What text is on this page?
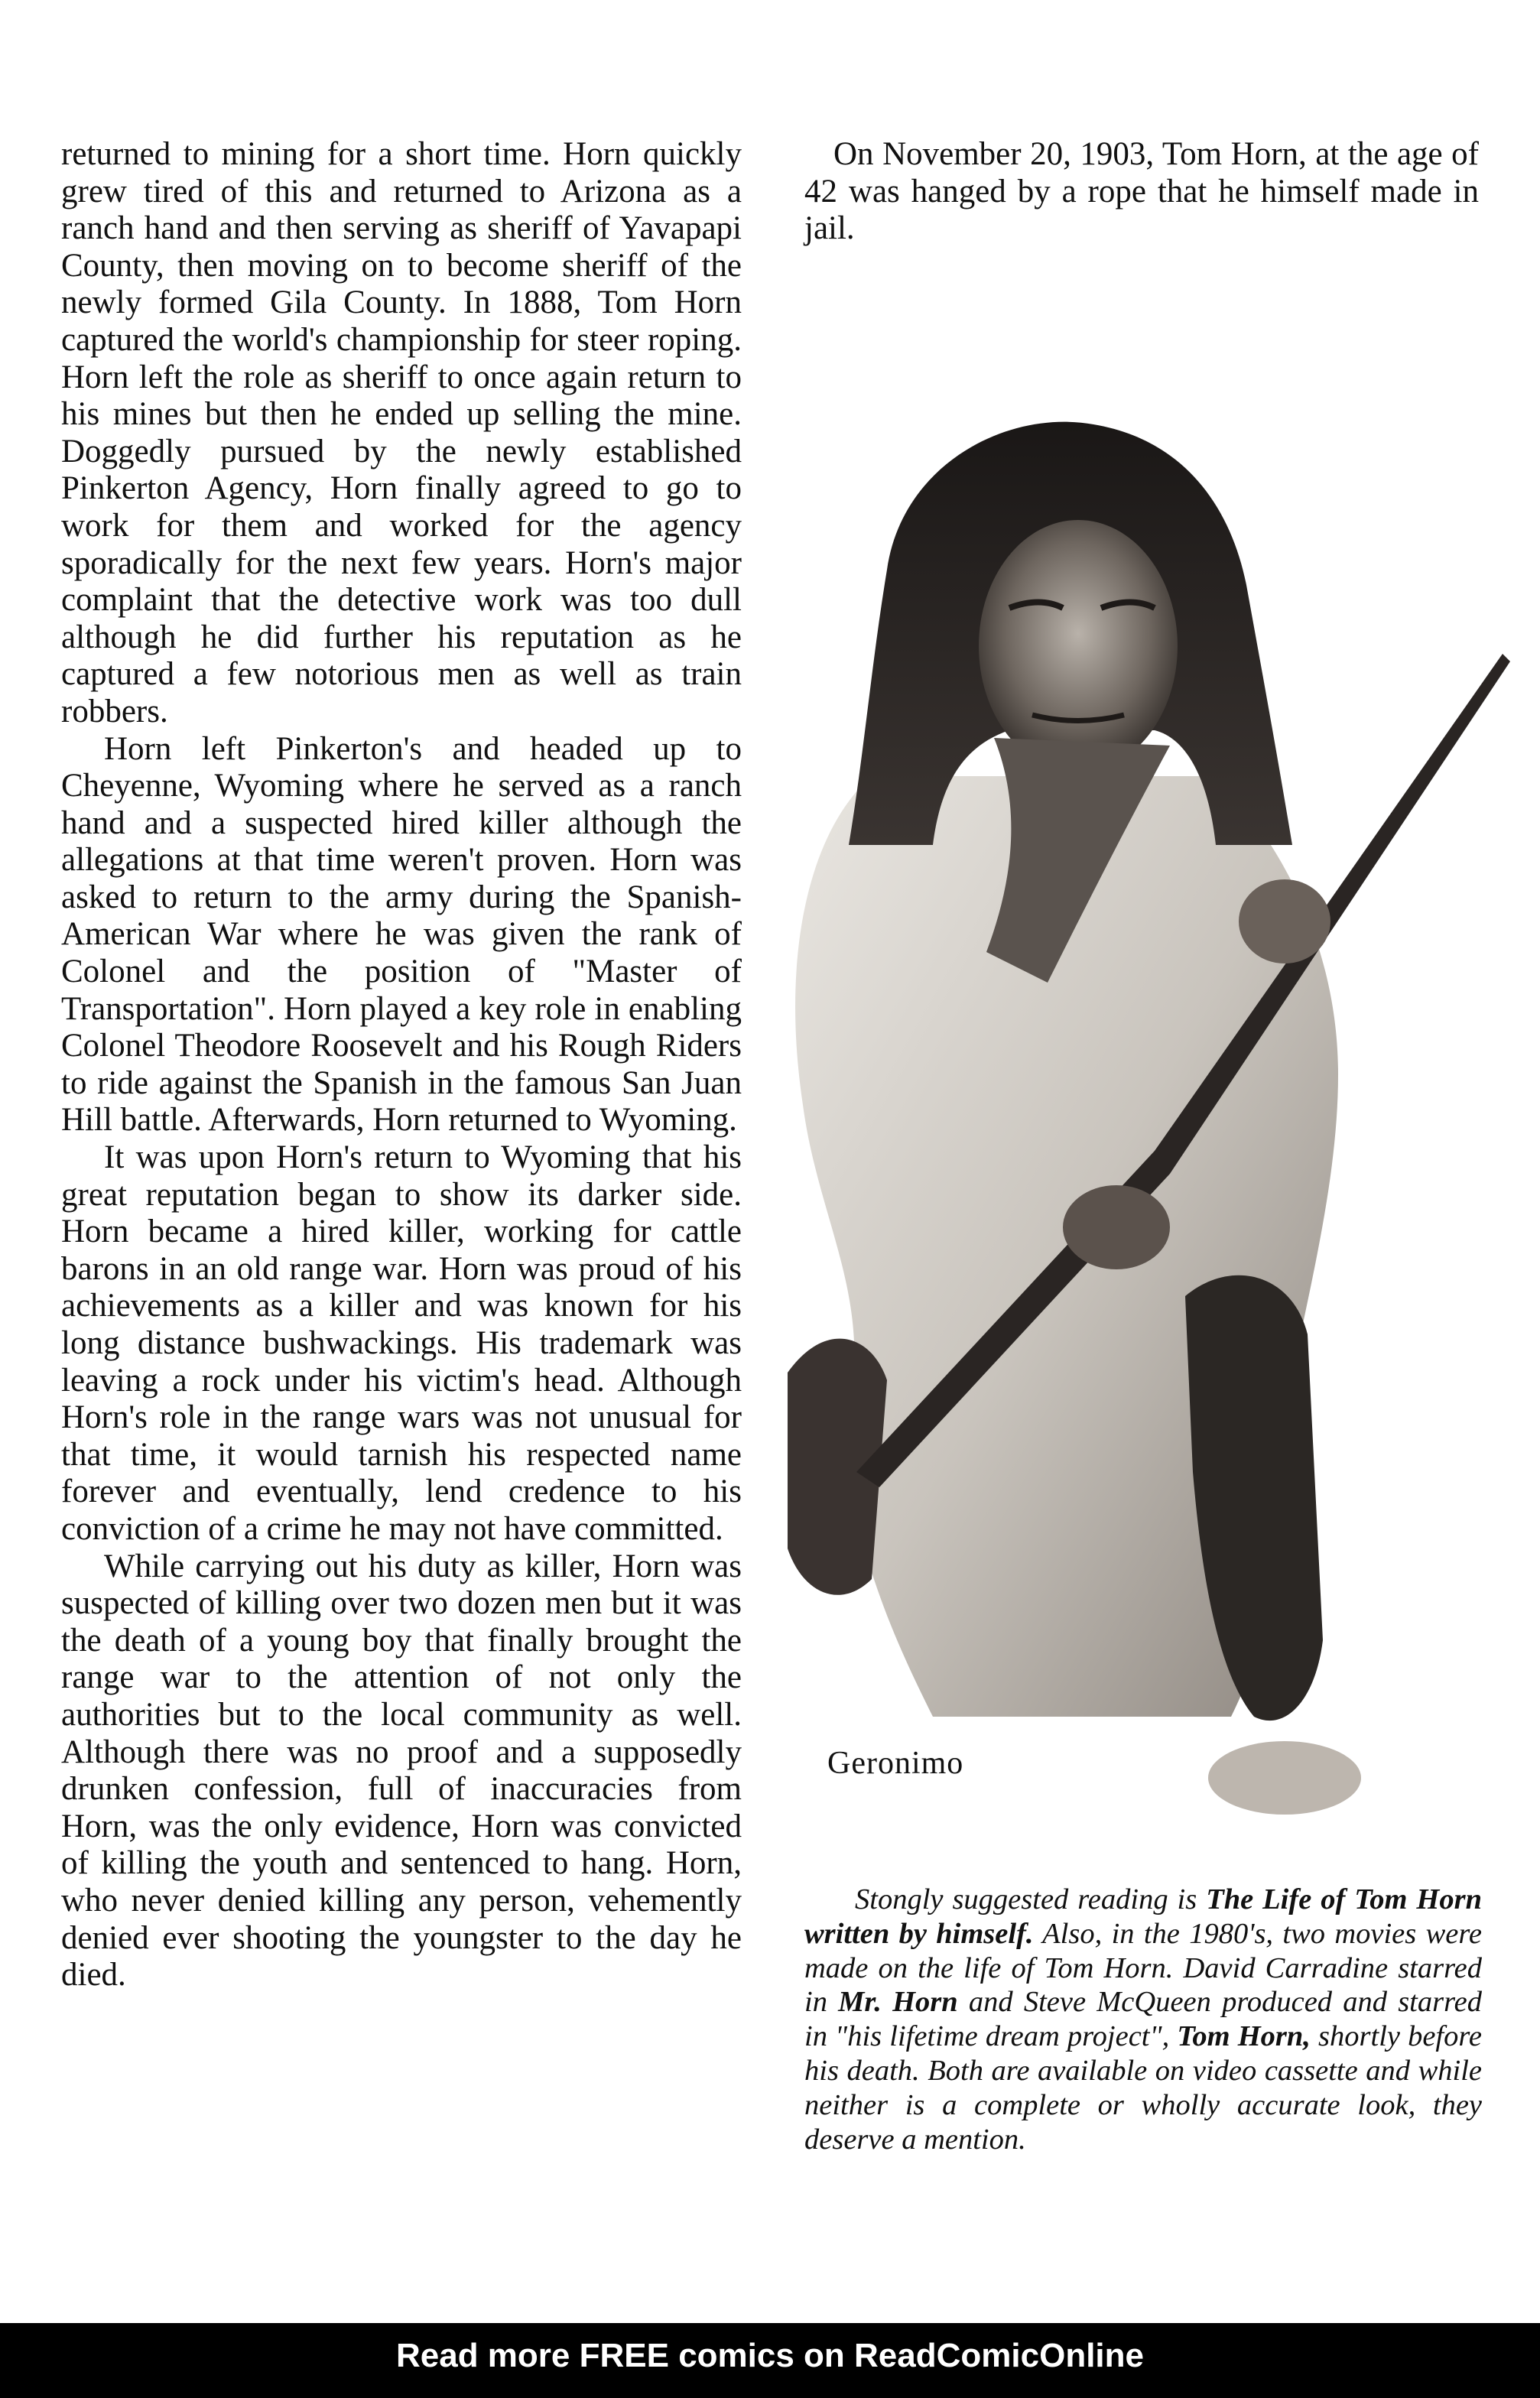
returned to mining for a short time. Horn quickly grew tired of this and returned to Arizona as a ranch hand and then serving as sheriff of Yavapapi County, then moving on to become sheriff of the newly formed Gila County. In 1888, Tom Horn captured the world's championship for steer roping. Horn left the role as sheriff to once again return to his mines but then he ended up selling the mine. Doggedly pursued by the newly established Pinkerton Agency, Horn finally agreed to go to work for them and worked for the agency sporadically for the next few years. Horn's major complaint that the detective work was too dull although he did further his reputation as he captured a few notorious men as well as train robbers.

Horn left Pinkerton's and headed up to Cheyenne, Wyoming where he served as a ranch hand and a suspected hired killer although the allegations at that time weren't proven. Horn was asked to return to the army during the Spanish-American War where he was given the rank of Colonel and the position of "Master of Transportation". Horn played a key role in enabling Colonel Theodore Roosevelt and his Rough Riders to ride against the Spanish in the famous San Juan Hill battle. Afterwards, Horn returned to Wyoming.

It was upon Horn's return to Wyoming that his great reputation began to show its darker side. Horn became a hired killer, working for cattle barons in an old range war. Horn was proud of his achievements as a killer and was known for his long distance bushwackings. His trademark was leaving a rock under his victim's head. Although Horn's role in the range wars was not unusual for that time, it would tarnish his respected name forever and eventually, lend credence to his conviction of a crime he may not have committed.

While carrying out his duty as killer, Horn was suspected of killing over two dozen men but it was the death of a young boy that finally brought the range war to the attention of not only the authorities but to the local community as well. Although there was no proof and a supposedly drunken confession, full of inaccuracies from Horn, was the only evidence, Horn was convicted of killing the youth and sentenced to hang. Horn, who never denied killing any person, vehemently denied ever shooting the youngster to the day he died.

On November 20, 1903, Tom Horn, at the age of 42 was hanged by a rope that he himself made in jail.

Geronimo

Stongly suggested reading is The Life of Tom Horn written by himself. Also, in the 1980's, two movies were made on the life of Tom Horn. David Carradine starred in Mr. Horn and Steve McQueen produced and starred in "his lifetime dream project", Tom Horn, shortly before his death. Both are available on video cassette and while neither is a complete or wholly accurate look, they deserve a mention.

Read more FREE comics on ReadComicOnline
